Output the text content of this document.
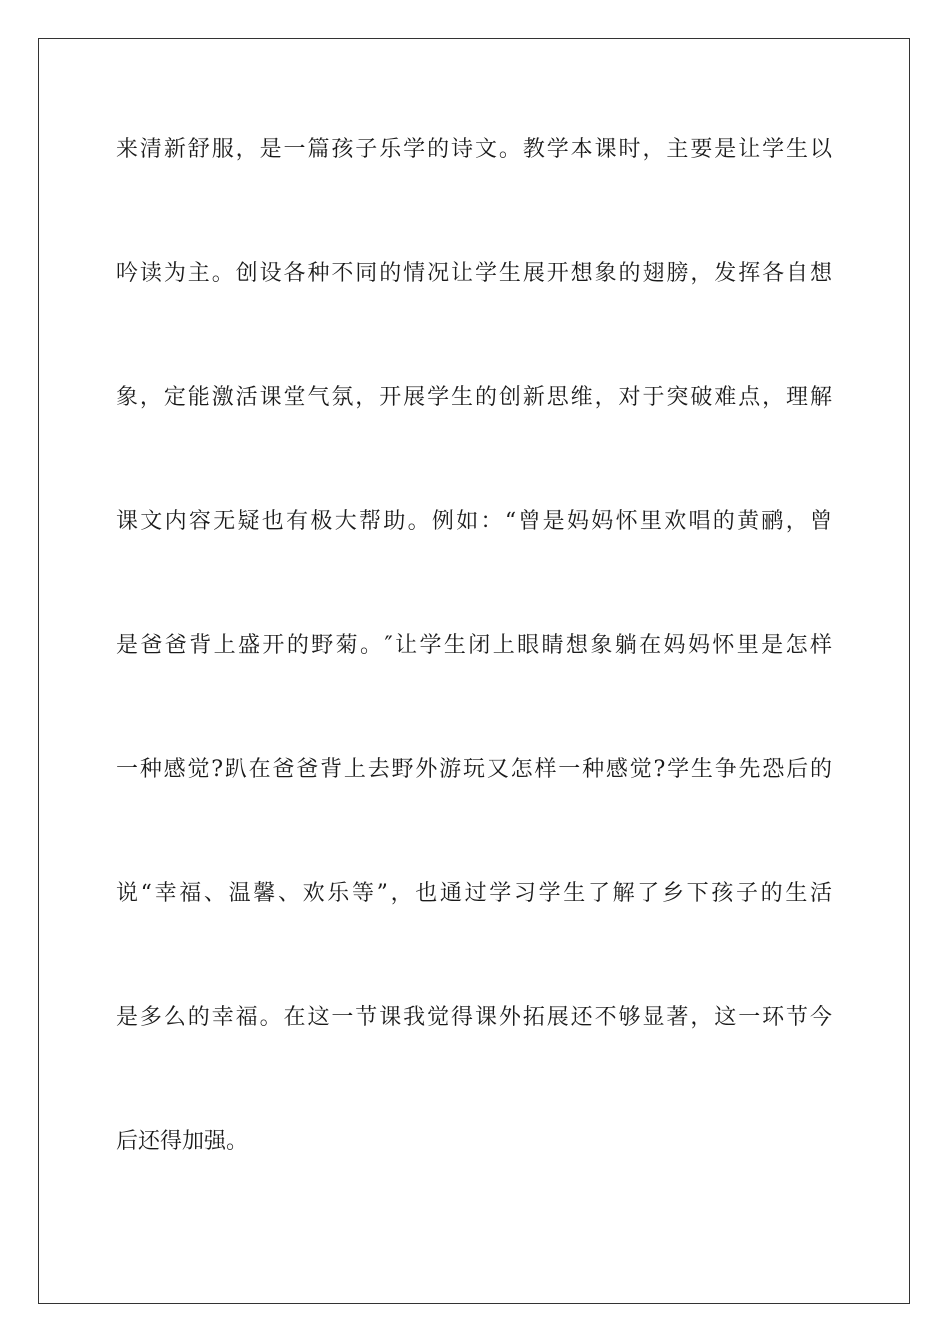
来清新舒服，是一篇孩子乐学的诗文。教学本课时，主要是让学生以
吟读为主。创设各种不同的情况让学生展开想象的翅膀，发挥各自想
象，定能激活课堂气氛，开展学生的创新思维，对于突破难点，理解
课文内容无疑也有极大帮助。例如：“曾是妈妈怀里欢唱的黄鹂，曾
是爸爸背上盛开的野菊。″让学生闭上眼睛想象躺在妈妈怀里是怎样
一种感觉?趴在爸爸背上去野外游玩又怎样一种感觉?学生争先恐后的
说“幸福、温馨、欢乐等”，也通过学习学生了解了乡下孩子的生活
是多么的幸福。在这一节课我觉得课外拓展还不够显著，这一环节今
后还得加强。
